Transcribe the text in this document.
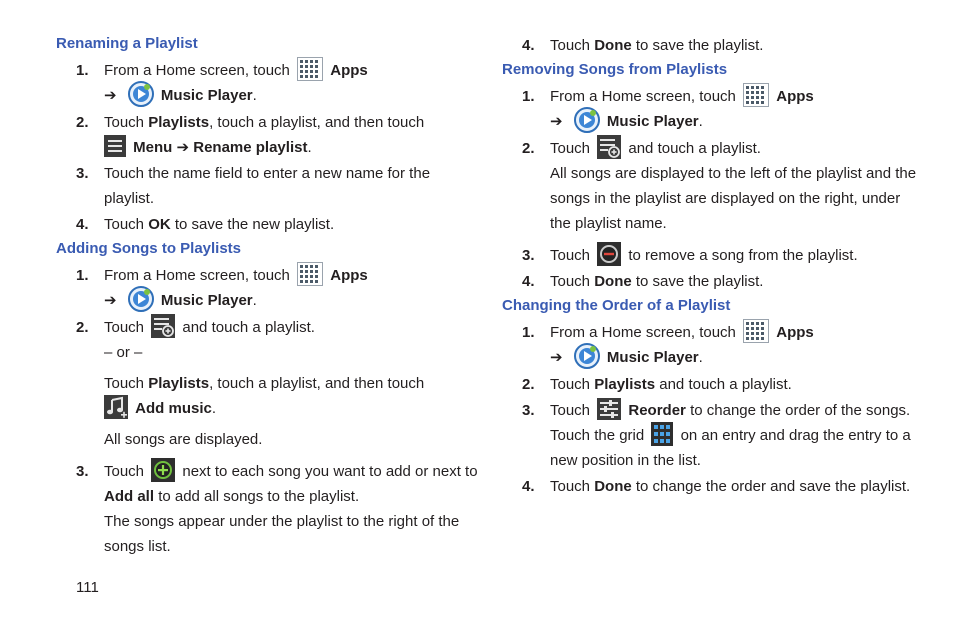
Renaming a Playlist
1. From a Home screen, touch	Apps
➔	Music Player.
2. Touch Playlists, touch a playlist, and then touch
Menu ➔ Rename playlist.
3. Touch the name field to enter a new name for the
playlist.
4. Touch OK to save the new playlist.
Adding Songs to Playlists
1. From a Home screen, touch	Apps
➔	Music Player.
2. Touch	and touch a playlist.
– or –
Touch Playlists, touch a playlist, and then touch
Add music.
All songs are displayed.
3. Touch	next to each song you want to add or next to
Add all to add all songs to the playlist.
The songs appear under the playlist to the right of the
songs list.
4. Touch Done to save the playlist.
Removing Songs from Playlists
1. From a Home screen, touch	Apps
➔	Music Player.
2. Touch	and touch a playlist.
All songs are displayed to the left of the playlist and the
songs in the playlist are displayed on the right, under
the playlist name.
3. Touch	to remove a song from the playlist.
4. Touch Done to save the playlist.
Changing the Order of a Playlist
1. From a Home screen, touch	Apps
➔	Music Player.
2. Touch Playlists and touch a playlist.
3. Touch	Reorder to change the order of the songs.
Touch the grid on an entry and drag the entry to a
new position in the list.
4. Touch Done to change the order and save the playlist.
111
